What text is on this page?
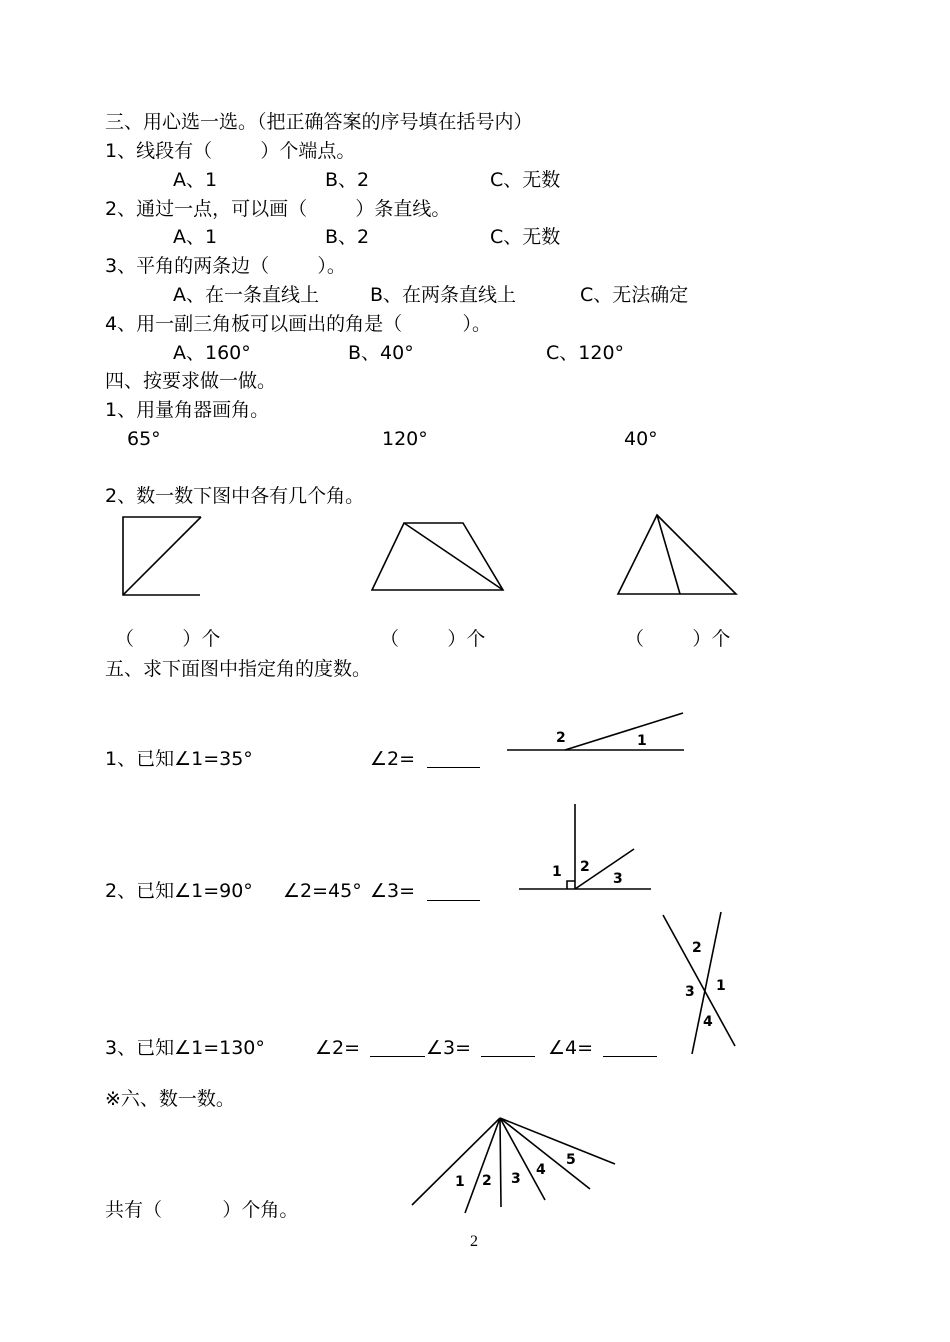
三、用心选一选。（把正确答案的序号填在括号内）
1、线段有（        ）个端点。
A、1	B、2	C、无数
2、通过一点，可以画（        ）条直线。
A、1	B、2	C、无数
3、平角的两条边（        ）。
A、在一条直线上	B、在两条直线上	C、无法确定
4、用一副三角板可以画出的角是（          ）。
A、160°	B、40°	C、120°
四、按要求做一做。
1、用量角器画角。
65°	120°	40°
2、数一数下图中各有几个角。
2	1
1 2
3
2
3 1
4
1 2 3
4
5
（        ）个	（        ）个	（        ）个
五、求下面图中指定角的度数。
1、已知∠1=35°	∠2=
2、已知∠1=90° ∠2=45° ∠3=
3、已知∠1=130°	∠2=	∠3=	∠4=
※六、数一数。
共有（          ）个角。
2
